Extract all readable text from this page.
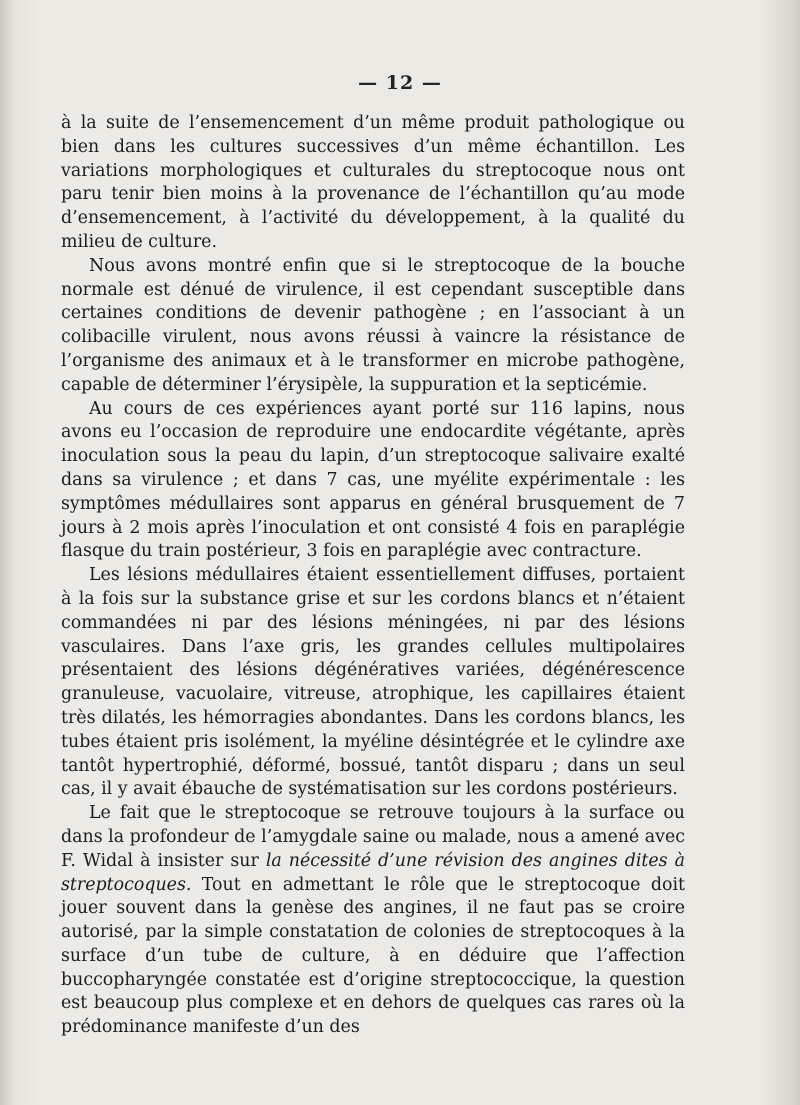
— 12 —

à la suite de l’ensemencement d’un même produit pathologique ou bien dans les cultures successives d’un même échantillon. Les variations morphologiques et culturales du streptocoque nous ont paru tenir bien moins à la provenance de l’échantillon qu’au mode d’ensemencement, à l’activité du développement, à la qualité du milieu de culture.

Nous avons montré enfin que si le streptocoque de la bouche normale est dénué de virulence, il est cependant susceptible dans certaines conditions de devenir pathogène ; en l’associant à un colibacille virulent, nous avons réussi à vaincre la résistance de l’organisme des animaux et à le transformer en microbe pathogène, capable de déterminer l’érysipèle, la suppuration et la septicémie.

Au cours de ces expériences ayant porté sur 116 lapins, nous avons eu l’occasion de reproduire une endocardite végétante, après inoculation sous la peau du lapin, d’un streptocoque salivaire exalté dans sa virulence ; et dans 7 cas, une myélite expérimentale : les symptômes médullaires sont apparus en général brusquement de 7 jours à 2 mois après l’inoculation et ont consisté 4 fois en paraplégie flasque du train postérieur, 3 fois en paraplégie avec contracture.

Les lésions médullaires étaient essentiellement diffuses, portaient à la fois sur la substance grise et sur les cordons blancs et n’étaient commandées ni par des lésions méningées, ni par des lésions vasculaires. Dans l’axe gris, les grandes cellules multipolaires présentaient des lésions dégénératives variées, dégénérescence granuleuse, vacuolaire, vitreuse, atrophique, les capillaires étaient très dilatés, les hémorragies abondantes. Dans les cordons blancs, les tubes étaient pris isolément, la myéline désintégrée et le cylindre axe tantôt hypertrophié, déformé, bossué, tantôt disparu ; dans un seul cas, il y avait ébauche de systématisation sur les cordons postérieurs.

Le fait que le streptocoque se retrouve toujours à la surface ou dans la profondeur de l’amygdale saine ou malade, nous a amené avec F. Widal à insister sur la nécessité d’une révision des angines dites à streptocoques. Tout en admettant le rôle que le streptocoque doit jouer souvent dans la genèse des angines, il ne faut pas se croire autorisé, par la simple constatation de colonies de streptocoques à la surface d’un tube de culture, à en déduire que l’affection buccopharyngée constatée est d’origine streptococcique, la question est beaucoup plus complexe et en dehors de quelques cas rares où la prédominance manifeste d’un des
